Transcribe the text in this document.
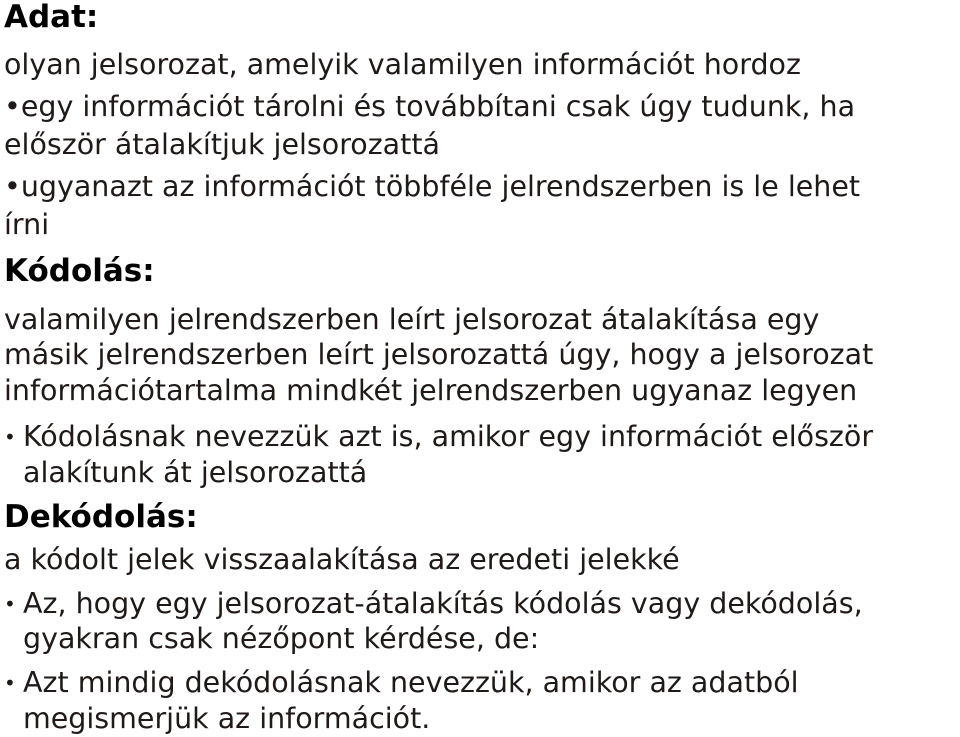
Adat:
olyan jelsorozat, amelyik valamilyen információt hordoz
•egy információt tárolni és továbbítani csak úgy tudunk, ha
először átalakítjuk jelsorozattá
•ugyanazt az információt többféle jelrendszerben is le lehet
írni
Kódolás:
valamilyen jelrendszerben leírt jelsorozat átalakítása egy
másik jelrendszerben leírt jelsorozattá úgy, hogy a jelsorozat
információtartalma mindkét jelrendszerben ugyanaz legyen
• Kódolásnak nevezzük azt is, amikor egy információt először
alakítunk át jelsorozattá
Dekódolás:
a kódolt jelek visszaalakítása az eredeti jelekké
• Az, hogy egy jelsorozat-átalakítás kódolás vagy dekódolás,
gyakran csak nézőpont kérdése, de:
• Azt mindig dekódolásnak nevezzük, amikor az adatból
megismerjük az információt.
